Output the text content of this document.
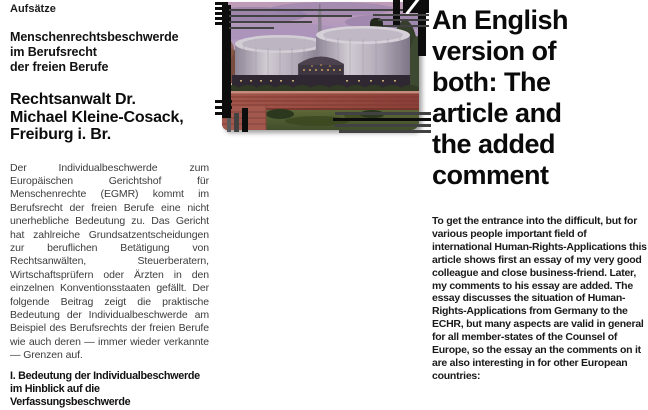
Aufsätze
Menschenrechtsbeschwerde
im Berufsrecht
der freien Berufe
Rechtsanwalt Dr.
Michael Kleine-Cosack,
Freiburg i. Br.
Der Individualbeschwerde zum Europäischen Gerichtshof für Menschenrechte (EGMR) kommt im Berufsrecht der freien Berufe eine nicht unerhebliche Bedeutung zu. Das Gericht hat zahlreiche Grundsatzentscheidungen zur beruflichen Betätigung von Rechtsanwälten, Steuerberatern, Wirtschaftsprüfern oder Ärzten in den einzelnen Konventionsstaaten gefällt. Der folgende Beitrag zeigt die praktische Bedeutung der Individualbeschwerde am Beispiel des Berufsrechts der freien Berufe wie auch deren — immer wieder verkannte — Grenzen auf.
I. Bedeutung der Individualbeschwerde
im Hinblick auf die
Verfassungsbeschwerde
An English
version of
both: The
article and
the added
comment
To get the entrance into the difficult, but for various people important field of international Human-Rights-Applications this article shows first an essay of my very good colleague and close business-friend. Later, my comments to his essay are added. The essay discusses the situation of Human-Rights-Applications from Germany to the ECHR, but many aspects are valid in general for all member-states of the Counsel of Europe, so the essay an the comments on it are also interesting in for other European countries:
